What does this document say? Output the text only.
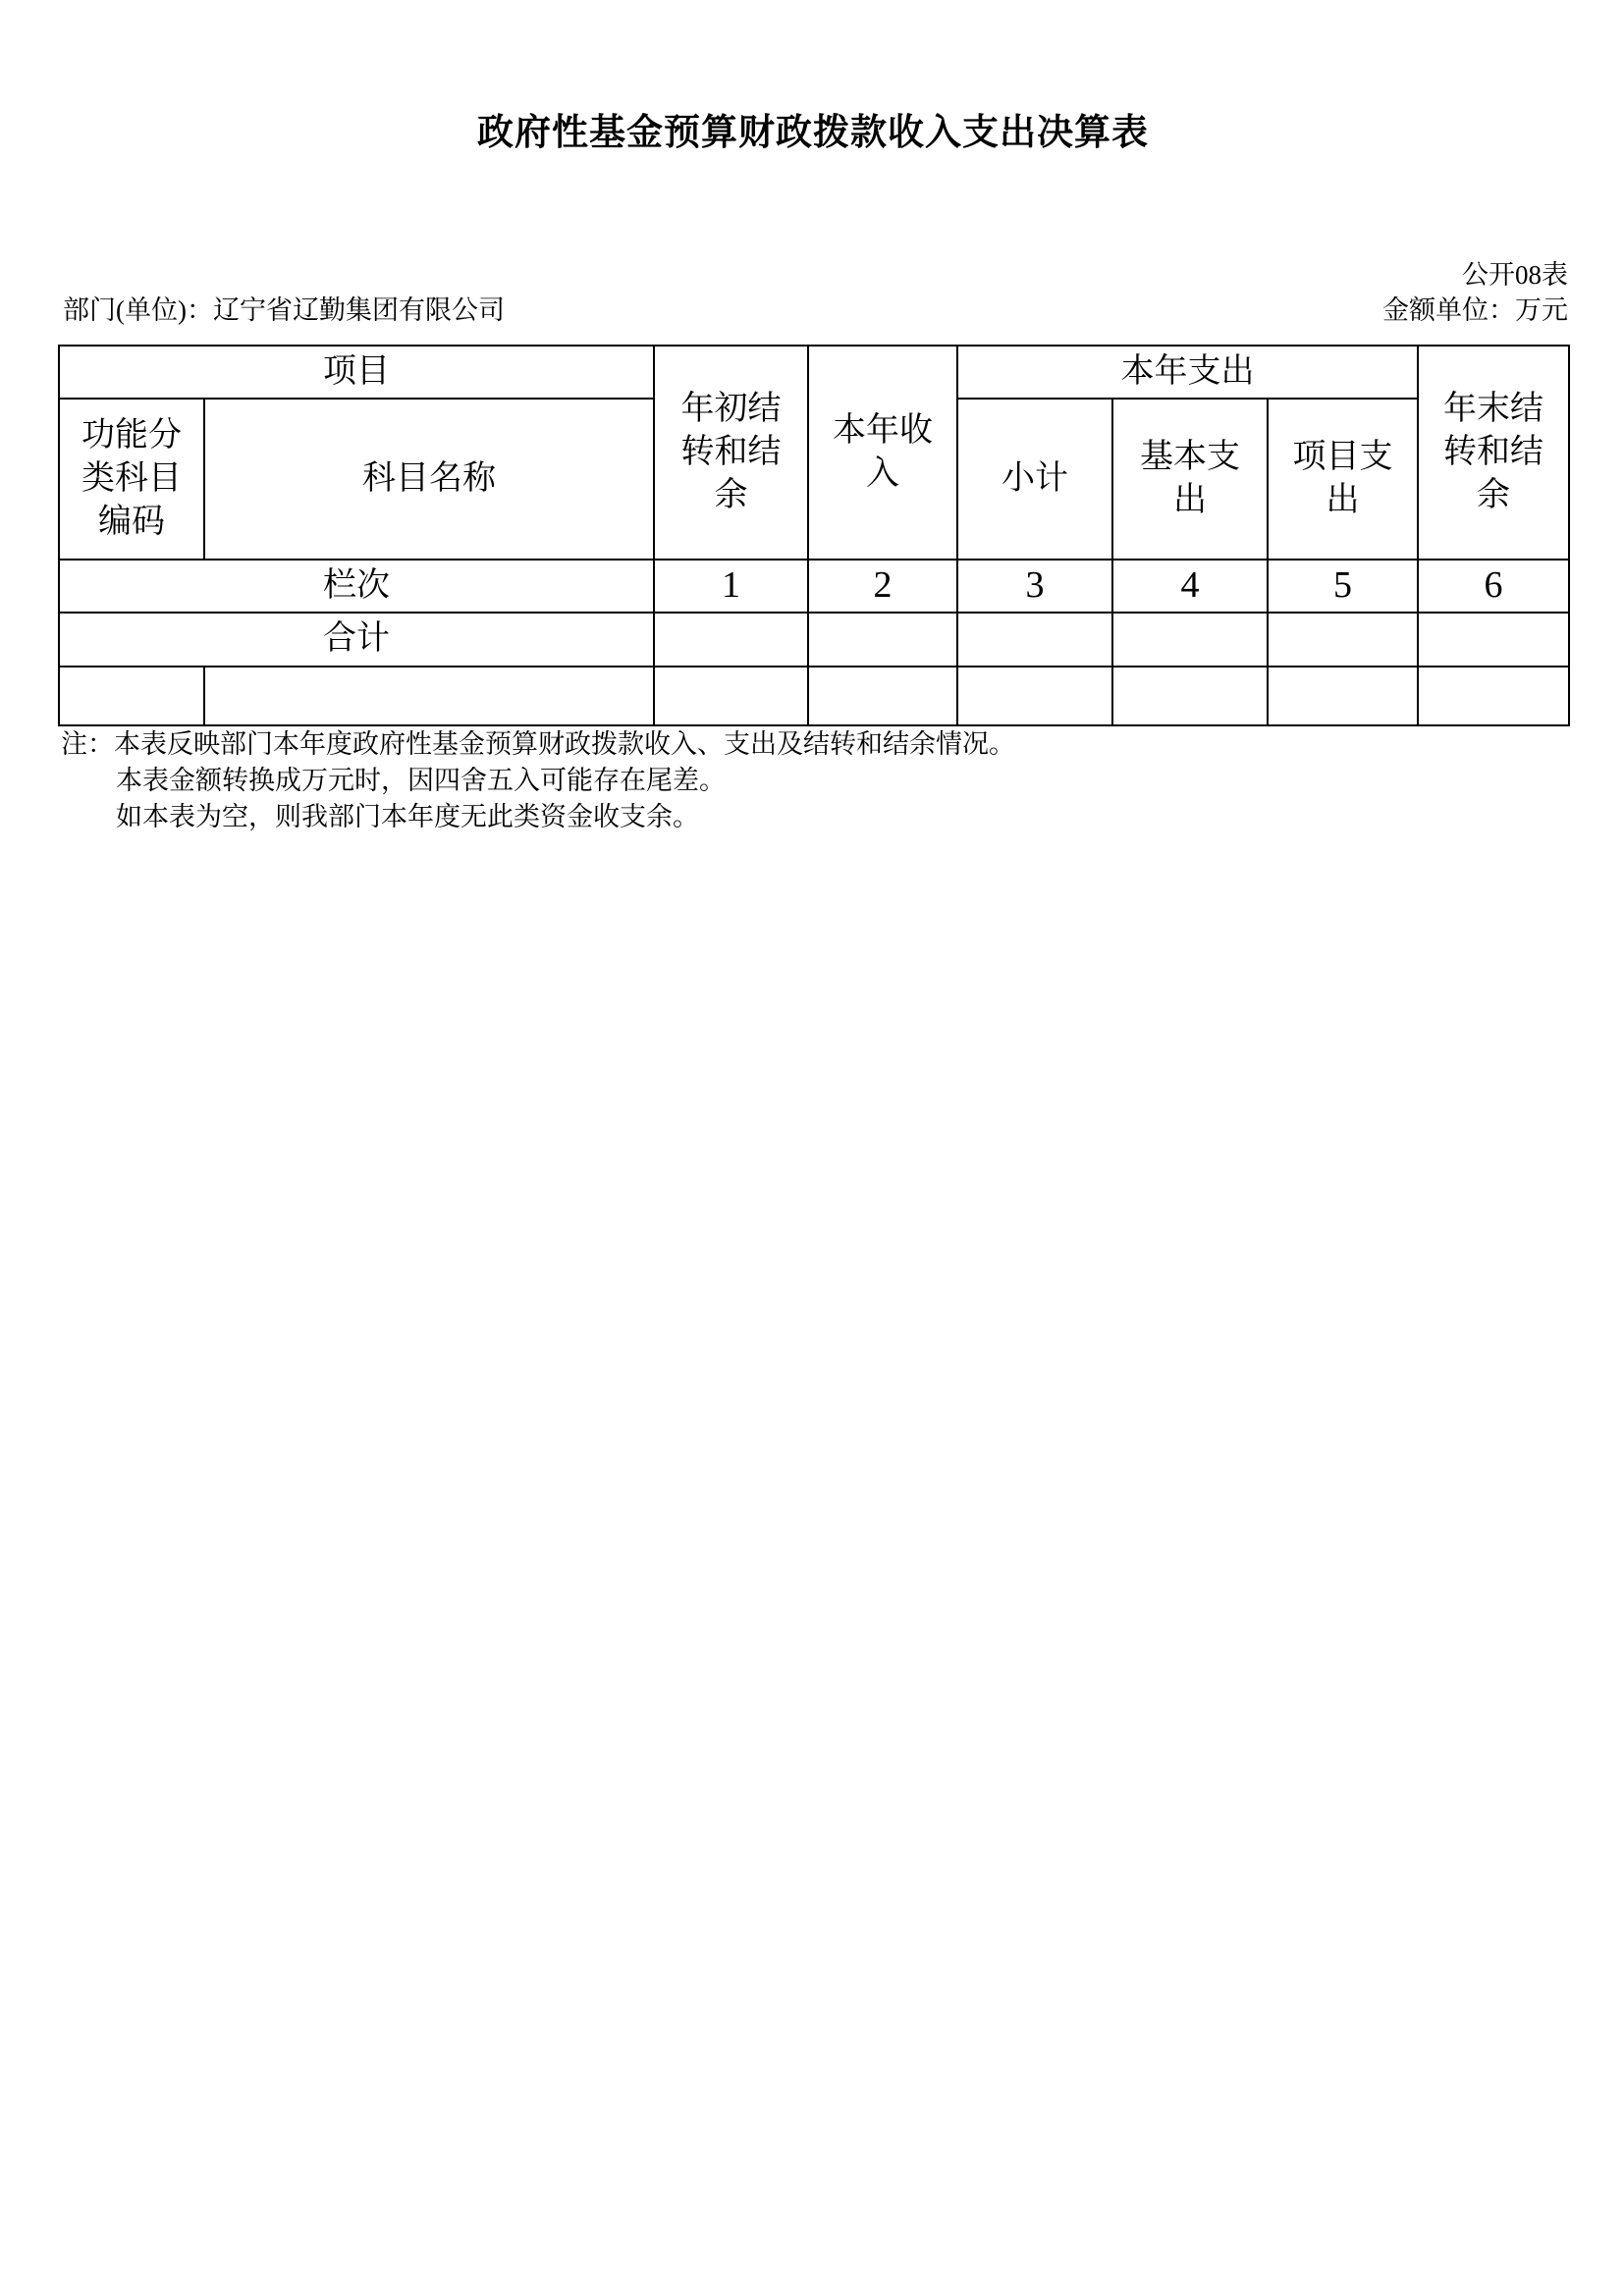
政府性基金预算财政拨款收入支出决算表
公开08表
部门(单位)：辽宁省辽勤集团有限公司	金额单位：万元
项目		年初结转和结余	本年收入	本年支出			年末结转和结余
功能分类科目编码	科目名称			小计	基本支出	项目支出	
栏次		1	2	3	4	5	6
合计							

注：本表反映部门本年度政府性基金预算财政拨款收入、支出及结转和结余情况。
本表金额转换成万元时，因四舍五入可能存在尾差。
如本表为空，则我部门本年度无此类资金收支余。
